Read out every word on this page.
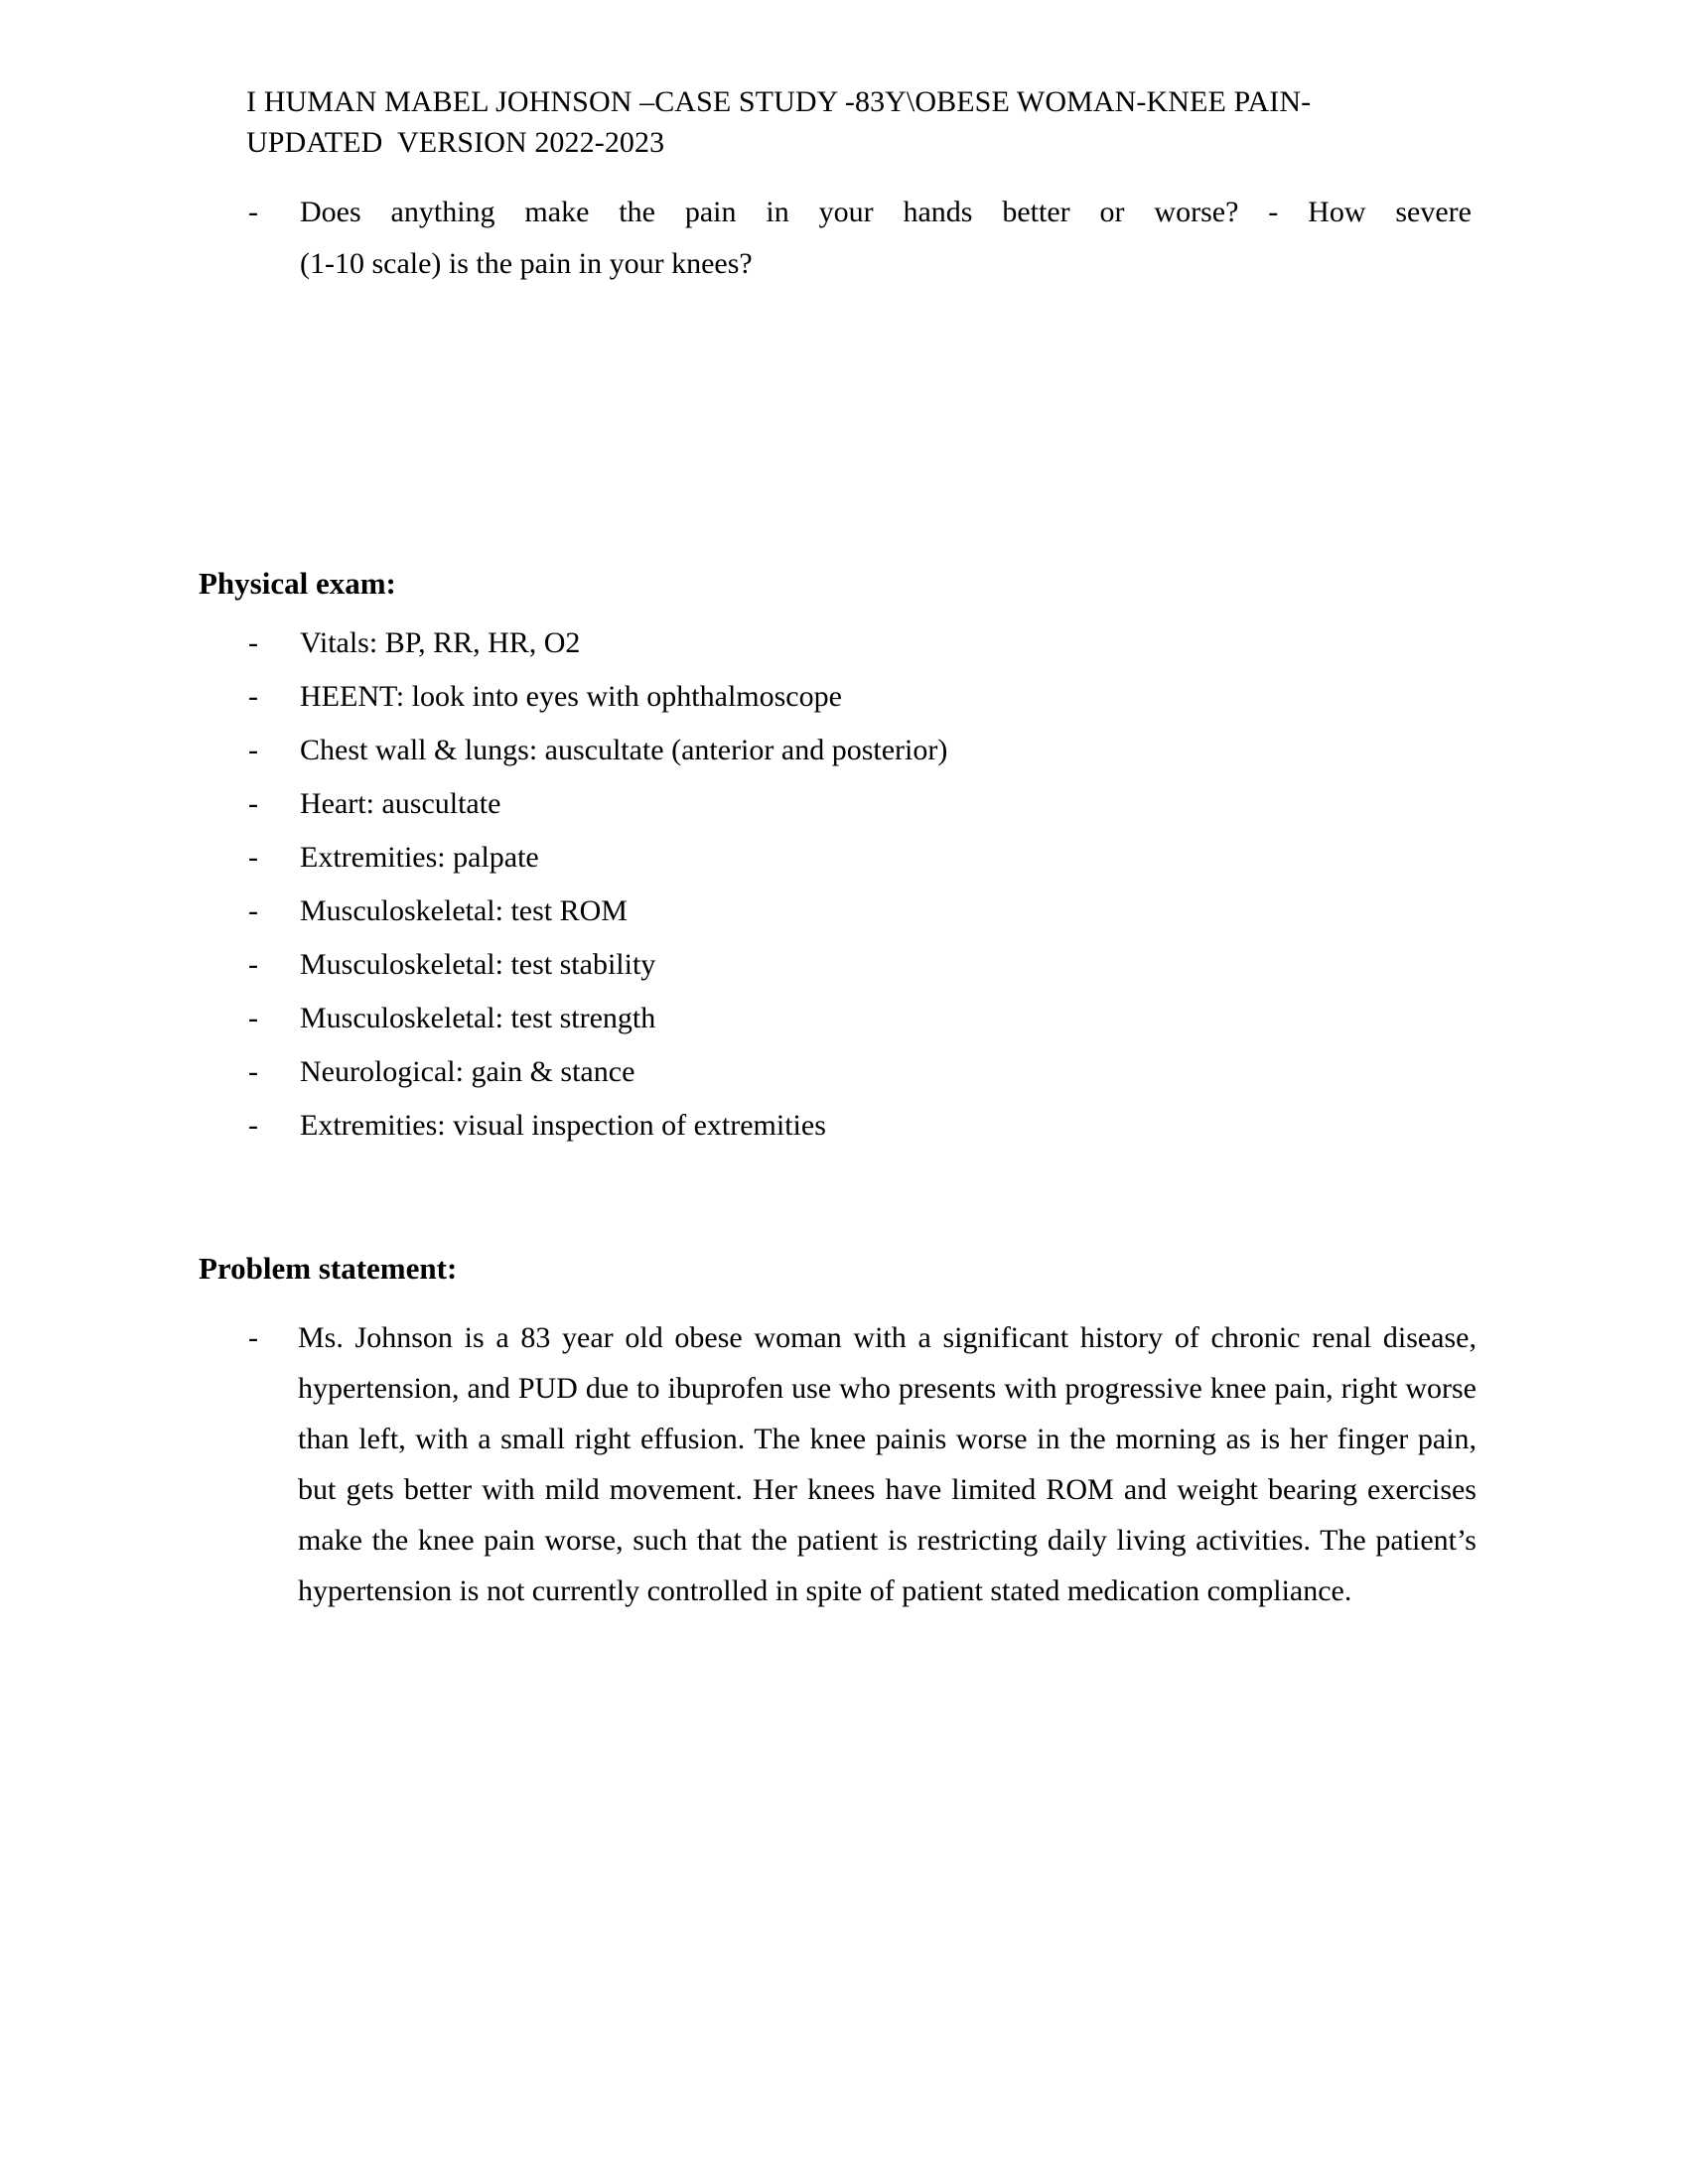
I HUMAN MABEL JOHNSON –CASE STUDY -83Y\OBESE WOMAN-KNEE PAIN-
UPDATED  VERSION 2022-2023
- Does anything make the pain in your hands better or worse? - How severe
(1-10 scale) is the pain in your knees?
Physical exam:
- Vitals: BP, RR, HR, O2
- HEENT: look into eyes with ophthalmoscope
- Chest wall & lungs: auscultate (anterior and posterior)
- Heart: auscultate
- Extremities: palpate
- Musculoskeletal: test ROM
- Musculoskeletal: test stability
- Musculoskeletal: test strength
- Neurological: gain & stance
- Extremities: visual inspection of extremities
Problem statement:
- Ms. Johnson is a 83 year old obese woman with a significant history of chronic renal disease, hypertension, and PUD due to ibuprofen use who presents with progressive knee pain, right worse than left, with a small right effusion. The knee painis worse in the morning as is her finger pain, but gets better with mild movement. Her knees have limited ROM and weight bearing exercises make the knee pain worse, such that the patient is restricting daily living activities. The patient’s hypertension is not currently controlled in spite of patient stated medication compliance.
